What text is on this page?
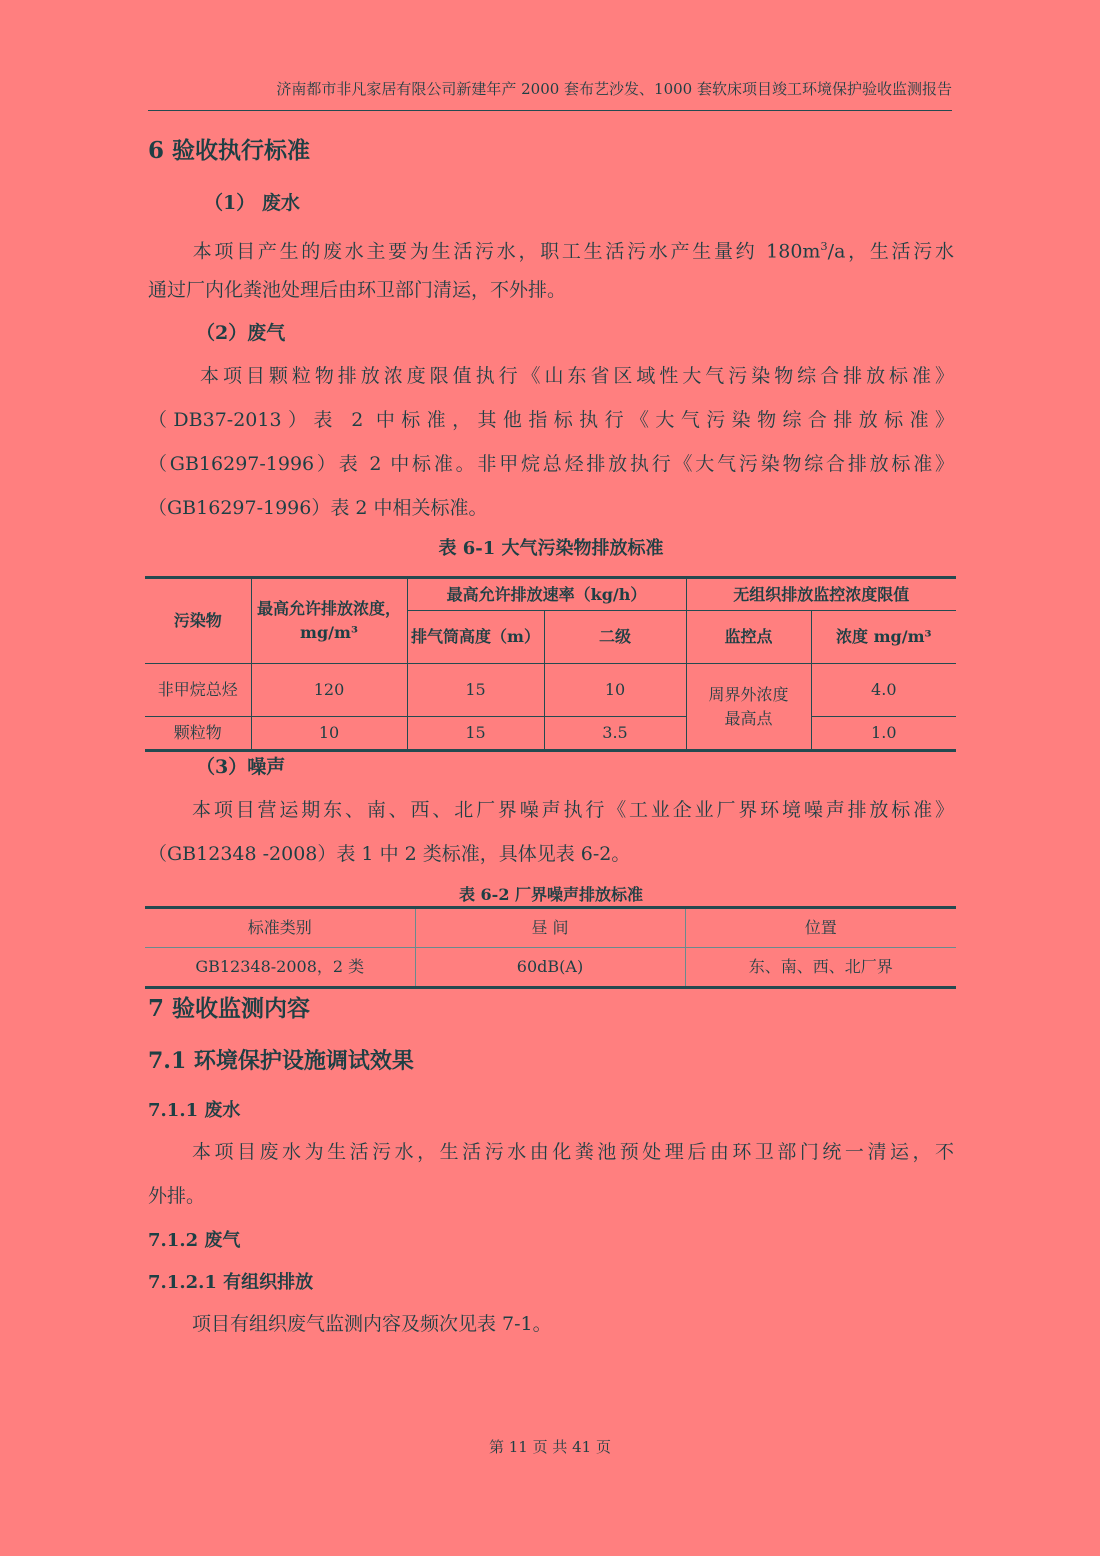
济南都市非凡家居有限公司新建年产 2000 套布艺沙发、1000 套软床项目竣工环境保护验收监测报告
6 验收执行标准
（1） 废水
本项目产生的废水主要为生活污水，职工生活污水产生量约 $180m^3/a$，生活污水
通过厂内化粪池处理后由环卫部门清运，不外排。
（2）废气
本项目颗粒物排放浓度限值执行《山东省区域性大气污染物综合排放标准》
（DB37-2013）表 2 中标准，其他指标执行《大气污染物综合排放标准》
（GB16297-1996）表 2 中标准。非甲烷总烃排放执行《大气污染物综合排放标准》
（GB16297-1996）表 2 中相关标准。
表 6-1 大气污染物排放标准
污染物	最高允许排放浓度，mg/m³	最高允许排放速率（kg/h）		无组织排放监控浓度限值	
		排气筒高度（m）	二级	监控点	浓度 mg/m³
非甲烷总烃	120	15	10	周界外浓度最高点	4.0
颗粒物	10	15	3.5		1.0
（3）噪声
本项目营运期东、南、西、北厂界噪声执行《工业企业厂界环境噪声排放标准》
（GB12348 -2008）表 1 中 2 类标准，具体见表 6-2。
表 6-2 厂界噪声排放标准
标准类别	昼 间	位置
GB12348-2008，2 类	60dB(A)	东、南、西、北厂界
7 验收监测内容
7.1 环境保护设施调试效果
7.1.1 废水
本项目废水为生活污水，生活污水由化粪池预处理后由环卫部门统一清运，不
外排。
7.1.2 废气
7.1.2.1 有组织排放
项目有组织废气监测内容及频次见表 7-1。
第 11 页 共 41 页
